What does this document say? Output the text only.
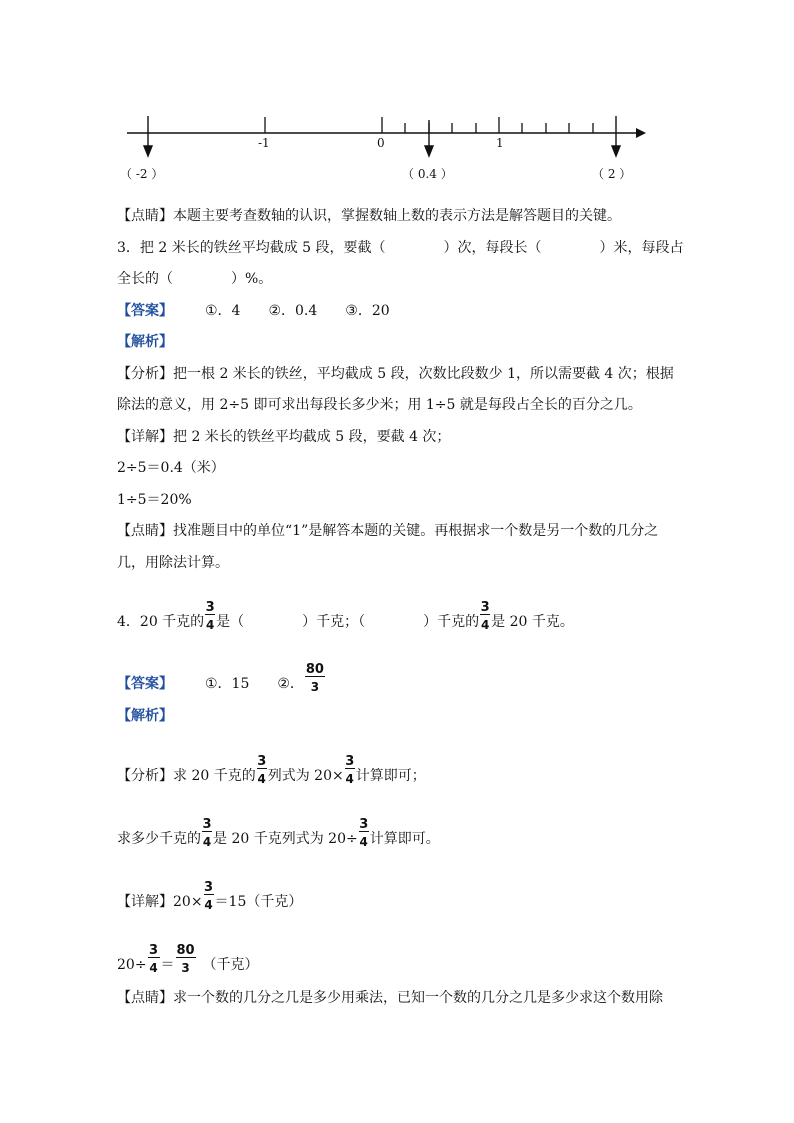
-1	0	1
（ -2 ）	（ 0.4 ）	（ 2 ）
【点睛】本题主要考查数轴的认识，掌握数轴上数的表示方法是解答题目的关键。
3．把 2 米长的铁丝平均截成 5 段，要截（	）次，每段长（	）米，每段占
全长的（	）%。
【答案】 ①．4　　②．0.4　　③．20
【解析】
【分析】把一根 2 米长的铁丝，平均截成 5 段，次数比段数少 1，所以需要截 4 次；根据
除法的意义，用 2÷5 即可求出每段长多少米；用 1÷5 就是每段占全长的百分之几。
【详解】把 2 米长的铁丝平均截成 5 段，要截 4 次；
2÷5＝0.4（米）
1÷5＝20%
【点睛】找准题目中的单位“1”是解答本题的关键。再根据求一个数是另一个数的几分之
几，用除法计算。
4．20 千克的 $\frac{3}{4}$ 是（	）千克；（	）千克的 $\frac{3}{4}$ 是 20 千克。
【答案】 ①．15　　②． $\frac{80}{3}$
【解析】
【分析】求 20 千克的 $\frac{3}{4}$ 列式为 $20\times \frac{3}{4}$ 计算即可；
求多少千克的 $\frac{3}{4}$ 是 20 千克列式为 $20\div \frac{3}{4}$ 计算即可。
【详解】$20\times \frac{3}{4} =15$（千克）
$20\div \frac{3}{4} = \frac{80}{3}$ （千克）
【点睛】求一个数的几分之几是多少用乘法，已知一个数的几分之几是多少求这个数用除
